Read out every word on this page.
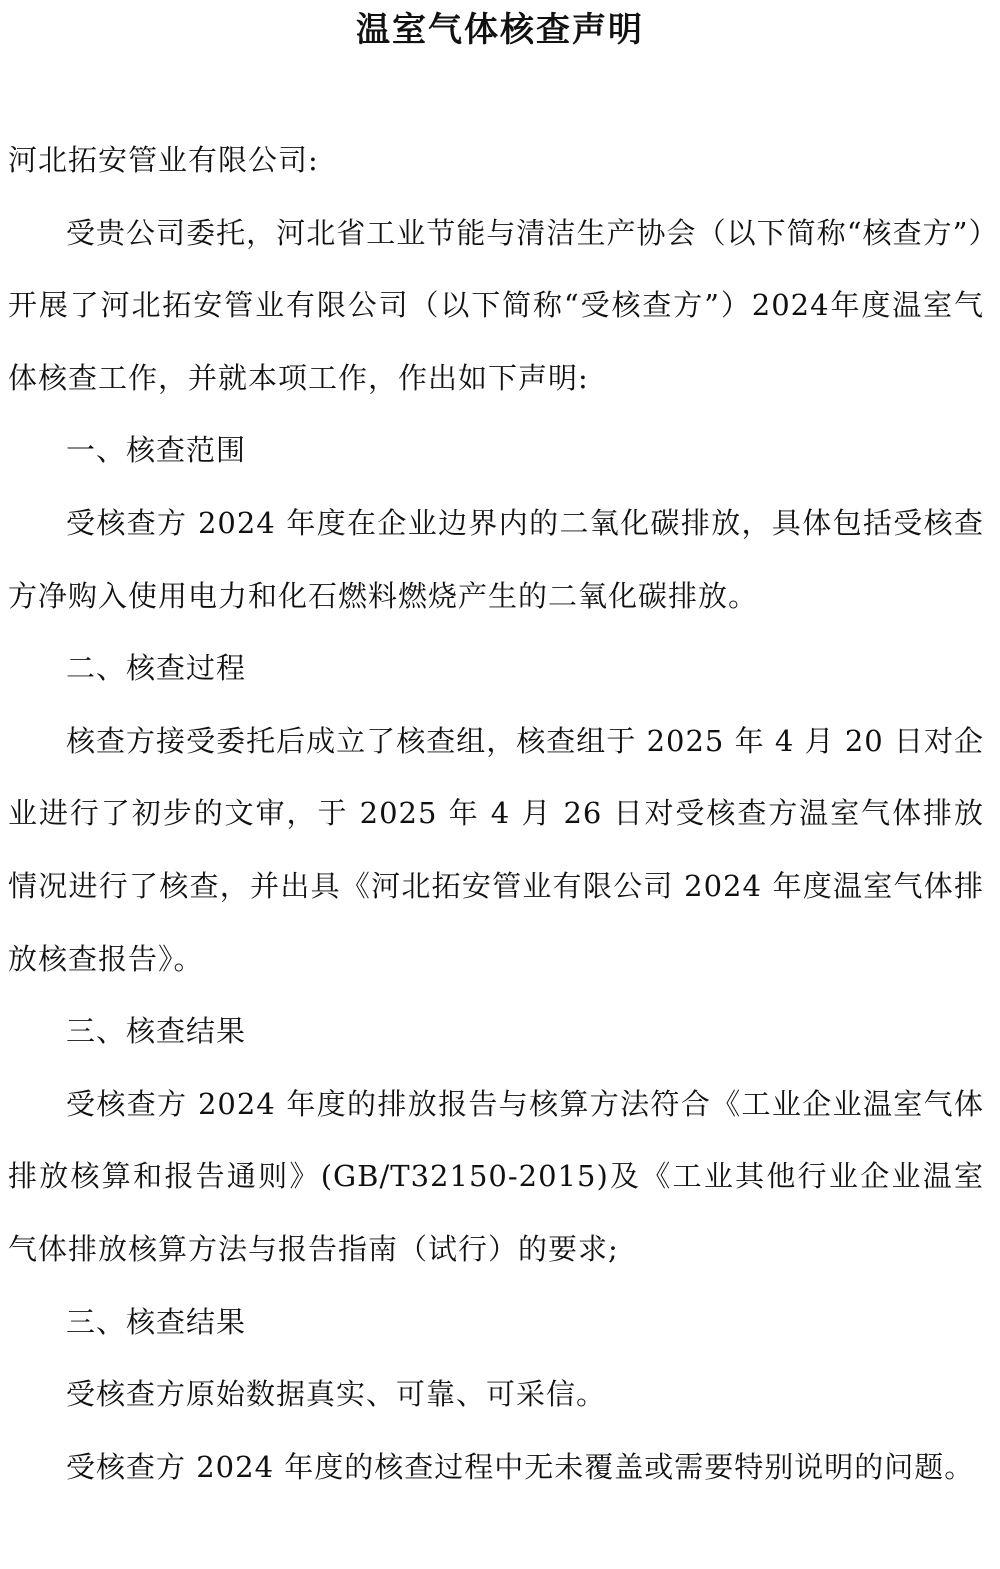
温室气体核查声明

河北拓安管业有限公司:

受贵公司委托，河北省工业节能与清洁生产协会（以下简称“核查方”）开展了河北拓安管业有限公司（以下简称“受核查方”）2024年度温室气体核查工作，并就本项工作，作出如下声明:

一、核查范围

受核查方 2024 年度在企业边界内的二氧化碳排放，具体包括受核查方净购入使用电力和化石燃料燃烧产生的二氧化碳排放。

二、核查过程

核查方接受委托后成立了核查组，核查组于 2025 年 4 月 20 日对企业进行了初步的文审，于 2025 年 4 月 26 日对受核查方温室气体排放情况进行了核查，并出具《河北拓安管业有限公司 2024 年度温室气体排放核查报告》。

三、核查结果

受核查方 2024 年度的排放报告与核算方法符合《工业企业温室气体排放核算和报告通则》(GB/T32150-2015)及《工业其他行业企业温室气体排放核算方法与报告指南（试行）的要求;

三、核查结果

受核查方原始数据真实、可靠、可采信。

受核查方 2024 年度的核查过程中无未覆盖或需要特别说明的问题。
